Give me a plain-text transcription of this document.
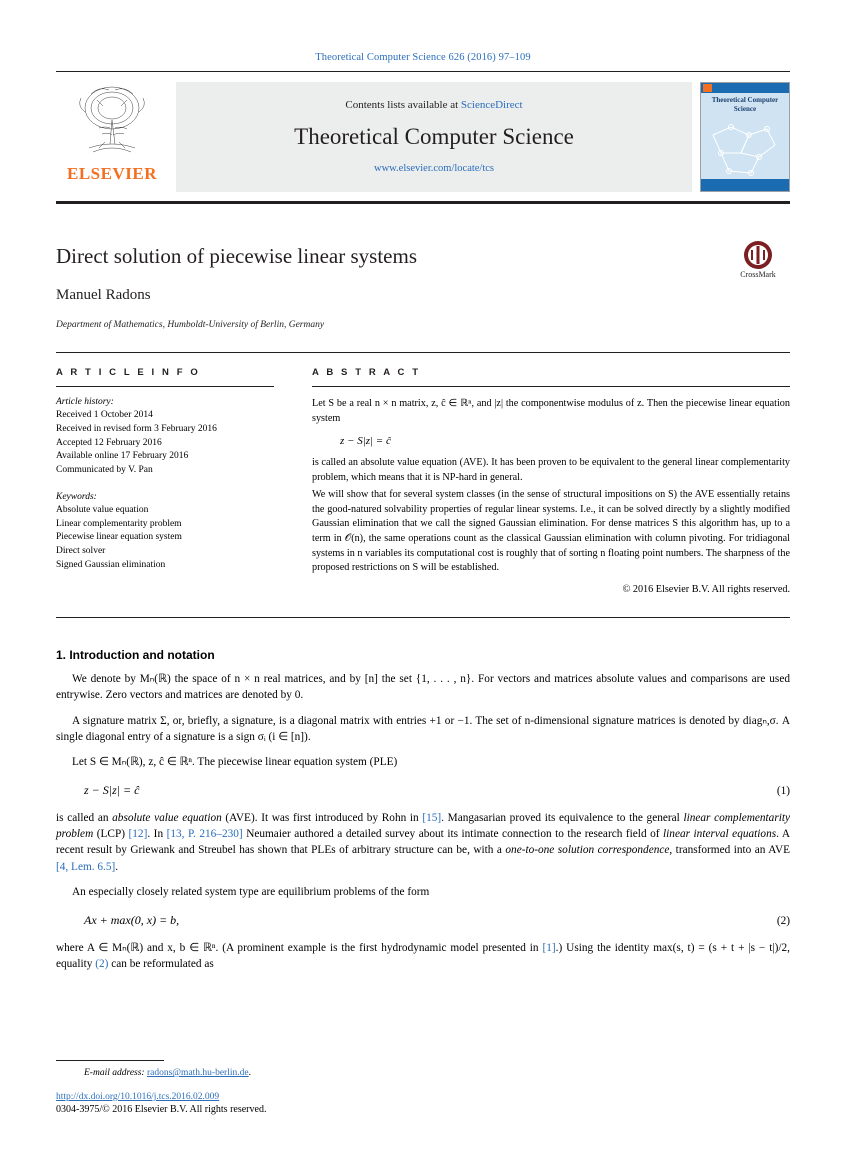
Theoretical Computer Science 626 (2016) 97–109
ELSEVIER
Contents lists available at ScienceDirect
Theoretical Computer Science
www.elsevier.com/locate/tcs
Theoretical Computer Science
Direct solution of piecewise linear systems
Manuel Radons
Department of Mathematics, Humboldt-University of Berlin, Germany
CrossMark
A R T I C L E I N F O
Article history:
Received 1 October 2014
Received in revised form 3 February 2016
Accepted 12 February 2016
Available online 17 February 2016
Communicated by V. Pan
Keywords:
Absolute value equation
Linear complementarity problem
Piecewise linear equation system
Direct solver
Signed Gaussian elimination
A B S T R A C T

Let S be a real n × n matrix, z, ĉ ∈ ℝⁿ, and |z| the componentwise modulus of z. Then the piecewise linear equation system

z − S|z| = ĉ

is called an absolute value equation (AVE). It has been proven to be equivalent to the general linear complementarity problem, which means that it is NP-hard in general.

We will show that for several system classes (in the sense of structural impositions on S) the AVE essentially retains the good-natured solvability properties of regular linear systems. I.e., it can be solved directly by a slightly modified Gaussian elimination that we call the signed Gaussian elimination. For dense matrices S this algorithm has, up to a term in 𝒪(n), the same operations count as the classical Gaussian elimination with column pivoting. For tridiagonal systems in n variables its computational cost is roughly that of sorting n floating point numbers. The sharpness of the proposed restrictions on S will be established.

© 2016 Elsevier B.V. All rights reserved.
1. Introduction and notation

We denote by Mₙ(ℝ) the space of n × n real matrices, and by [n] the set {1, . . . , n}. For vectors and matrices absolute values and comparisons are used entrywise. Zero vectors and matrices are denoted by 0.

A signature matrix Σ, or, briefly, a signature, is a diagonal matrix with entries +1 or −1. The set of n-dimensional signature matrices is denoted by diagₙ,σ. A single diagonal entry of a signature is a sign σᵢ (i ∈ [n]).

Let S ∈ Mₙ(ℝ), z, ĉ ∈ ℝⁿ. The piecewise linear equation system (PLE)

z − S|z| = ĉ	(1)

is called an absolute value equation (AVE). It was first introduced by Rohn in [15]. Mangasarian proved its equivalence to the general linear complementarity problem (LCP) [12]. In [13, P. 216–230] Neumaier authored a detailed survey about its intimate connection to the research field of linear interval equations. A recent result by Griewank and Streubel has shown that PLEs of arbitrary structure can be, with a one-to-one solution correspondence, transformed into an AVE [4, Lem. 6.5].

An especially closely related system type are equilibrium problems of the form

Ax + max(0, x) = b,	(2)

where A ∈ Mₙ(ℝ) and x, b ∈ ℝⁿ. (A prominent example is the first hydrodynamic model presented in [1].) Using the identity max(s, t) = (s + t + |s − t|)/2, equality (2) can be reformulated as

E-mail address: radons@math.hu-berlin.de.
http://dx.doi.org/10.1016/j.tcs.2016.02.009
0304-3975/© 2016 Elsevier B.V. All rights reserved.
